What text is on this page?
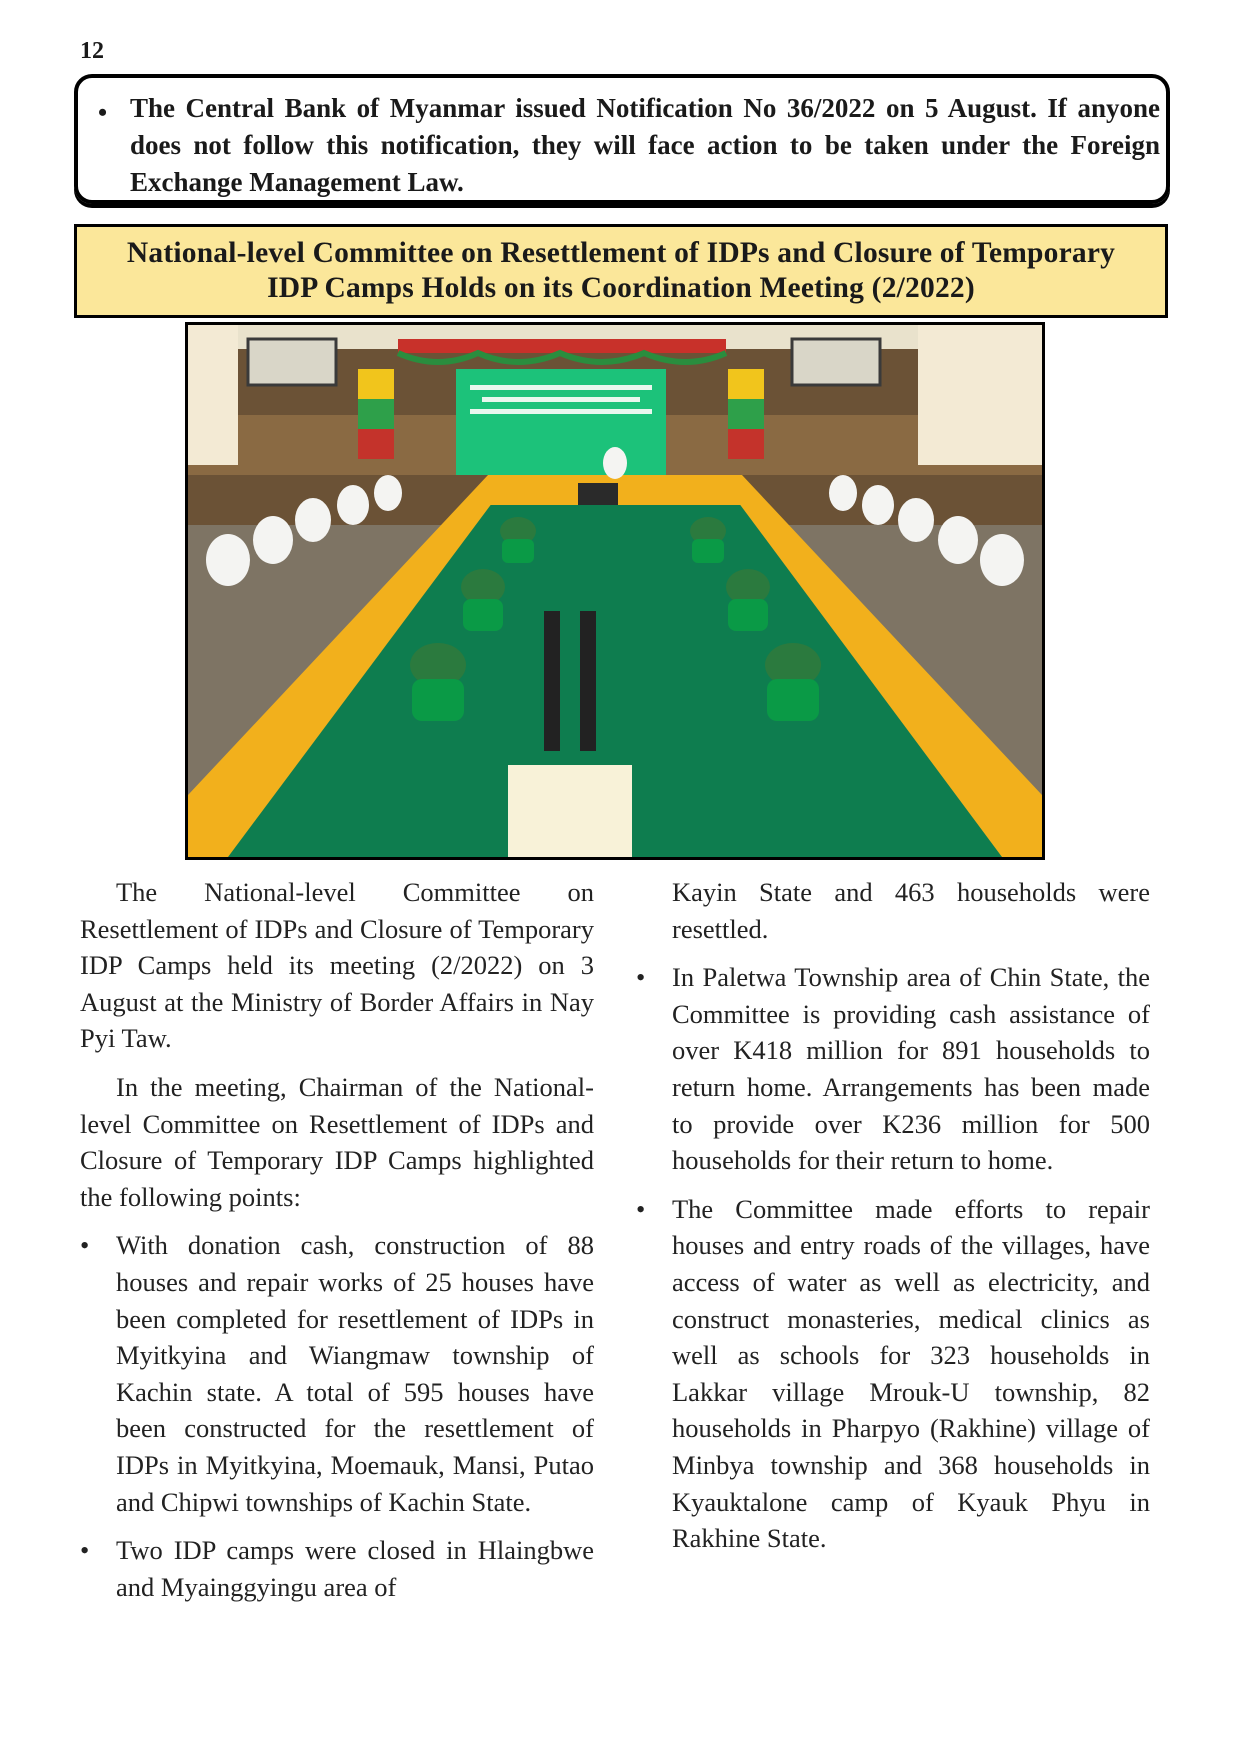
12
• The Central Bank of Myanmar issued Notification No 36/2022 on 5 August. If anyone does not follow this notification, they will face action to be taken under the Foreign Exchange Management Law.
National-level Committee on Resettlement of IDPs and Closure of Temporary
IDP Camps Holds on its Coordination Meeting (2/2022)

The National-level Committee on Resettlement of IDPs and Closure of Temporary IDP Camps held its meeting (2/2022) on 3 August at the Ministry of Border Affairs in Nay Pyi Taw.

In the meeting, Chairman of the National-level Committee on Resettlement of IDPs and Closure of Temporary IDP Camps highlighted the following points:

• With donation cash, construction of 88 houses and repair works of 25 houses have been completed for resettlement of IDPs in Myitkyina and Wiangmaw township of Kachin state. A total of 595 houses have been constructed for the resettlement of IDPs in Myitkyina, Moemauk, Mansi, Putao and Chipwi townships of Kachin State.
• Two IDP camps were closed in Hlaingbwe and Myainggyingu area of

Kayin State and 463 households were resettled.

• In Paletwa Township area of Chin State, the Committee is providing cash assistance of over K418 million for 891 households to return home. Arrangements has been made to provide over K236 million for 500 households for their return to home.
• The Committee made efforts to repair houses and entry roads of the villages, have access of water as well as electricity, and construct monasteries, medical clinics as well as schools for 323 households in Lakkar village Mrouk-U township, 82 households in Pharpyo (Rakhine) village of Minbya township and 368 households in Kyauktalone camp of Kyauk Phyu in Rakhine State.
